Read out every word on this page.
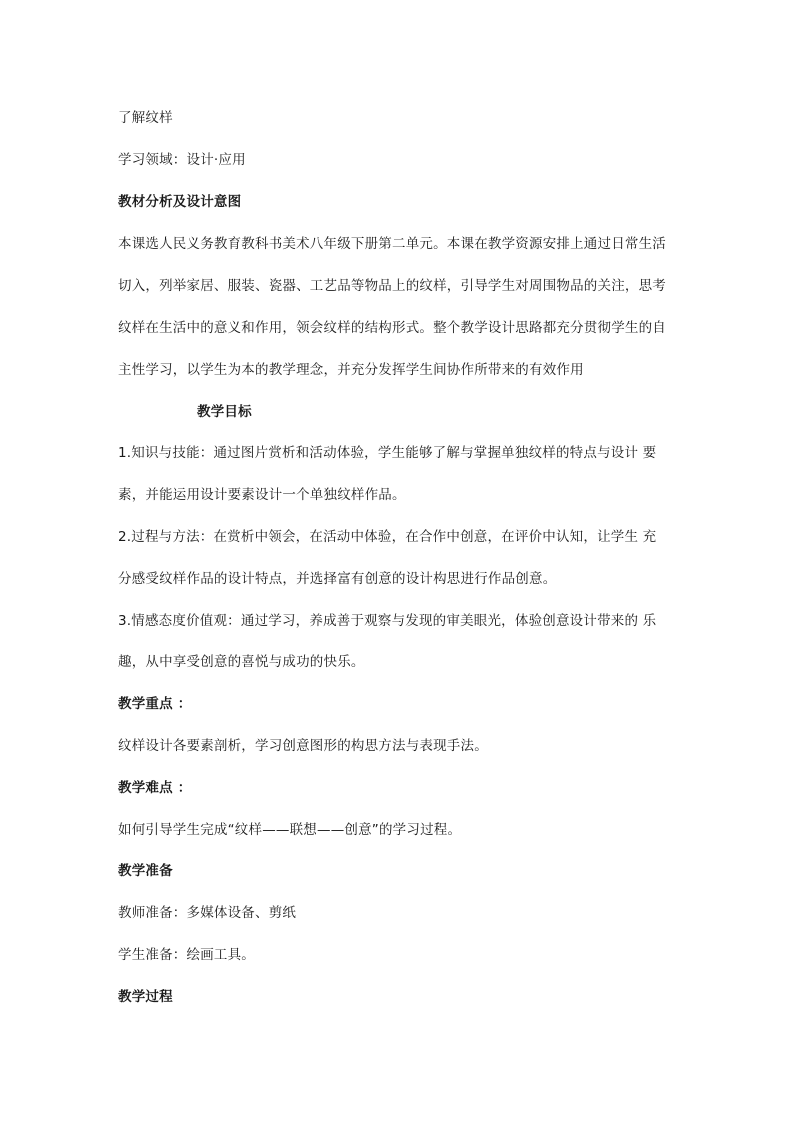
了解纹样
学习领域：设计·应用
教材分析及设计意图
本课选人民义务教育教科书美术八年级下册第二单元。本课在教学资源安排上通过日常生活
切入，列举家居、服装、瓷器、工艺品等物品上的纹样，引导学生对周围物品的关注，思考
纹样在生活中的意义和作用，领会纹样的结构形式。整个教学设计思路都充分贯彻学生的自
主性学习，以学生为本的教学理念，并充分发挥学生间协作所带来的有效作用
教学目标
1.知识与技能：通过图片赏析和活动体验，学生能够了解与掌握单独纹样的特点与设计 要
素，并能运用设计要素设计一个单独纹样作品。
2.过程与方法：在赏析中领会，在活动中体验，在合作中创意，在评价中认知，让学生 充
分感受纹样作品的设计特点，并选择富有创意的设计构思进行作品创意。
3.情感态度价值观：通过学习，养成善于观察与发现的审美眼光，体验创意设计带来的 乐
趣，从中享受创意的喜悦与成功的快乐。
教学重点 ：
纹样设计各要素剖析，学习创意图形的构思方法与表现手法。
教学难点 ：
如何引导学生完成“纹样——联想——创意”的学习过程。
教学准备
教师准备：多媒体设备、剪纸
学生准备：绘画工具。
教学过程
